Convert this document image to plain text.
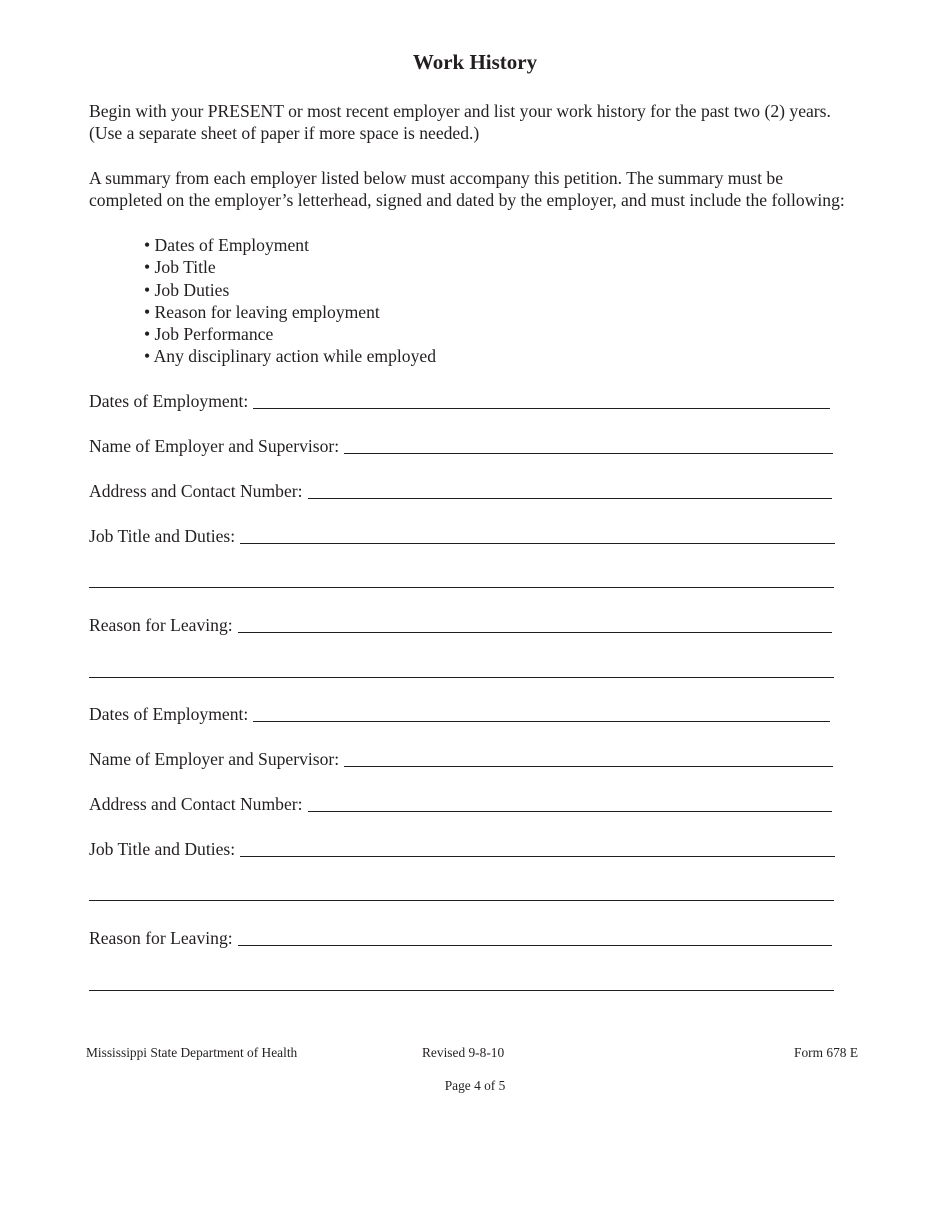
Work History
Begin with your PRESENT or most recent employer and list your work history for the past two (2) years. (Use a separate sheet of paper if more space is needed.)
A summary from each employer listed below must accompany this petition. The summary must be completed on the employer’s letterhead, signed and dated by the employer, and must include the following:
• Dates of Employment
• Job Title
• Job Duties
• Reason for leaving employment
• Job Performance
• Any disciplinary action while employed
Dates of Employment:
Name of Employer and Supervisor:
Address and Contact Number:
Job Title and Duties:
Reason for Leaving:
Dates of Employment:
Name of Employer and Supervisor:
Address and Contact Number:
Job Title and Duties:
Reason for Leaving:
Mississippi State Department of Health	Revised 9-8-10	Form 678 E
Page 4 of 5
